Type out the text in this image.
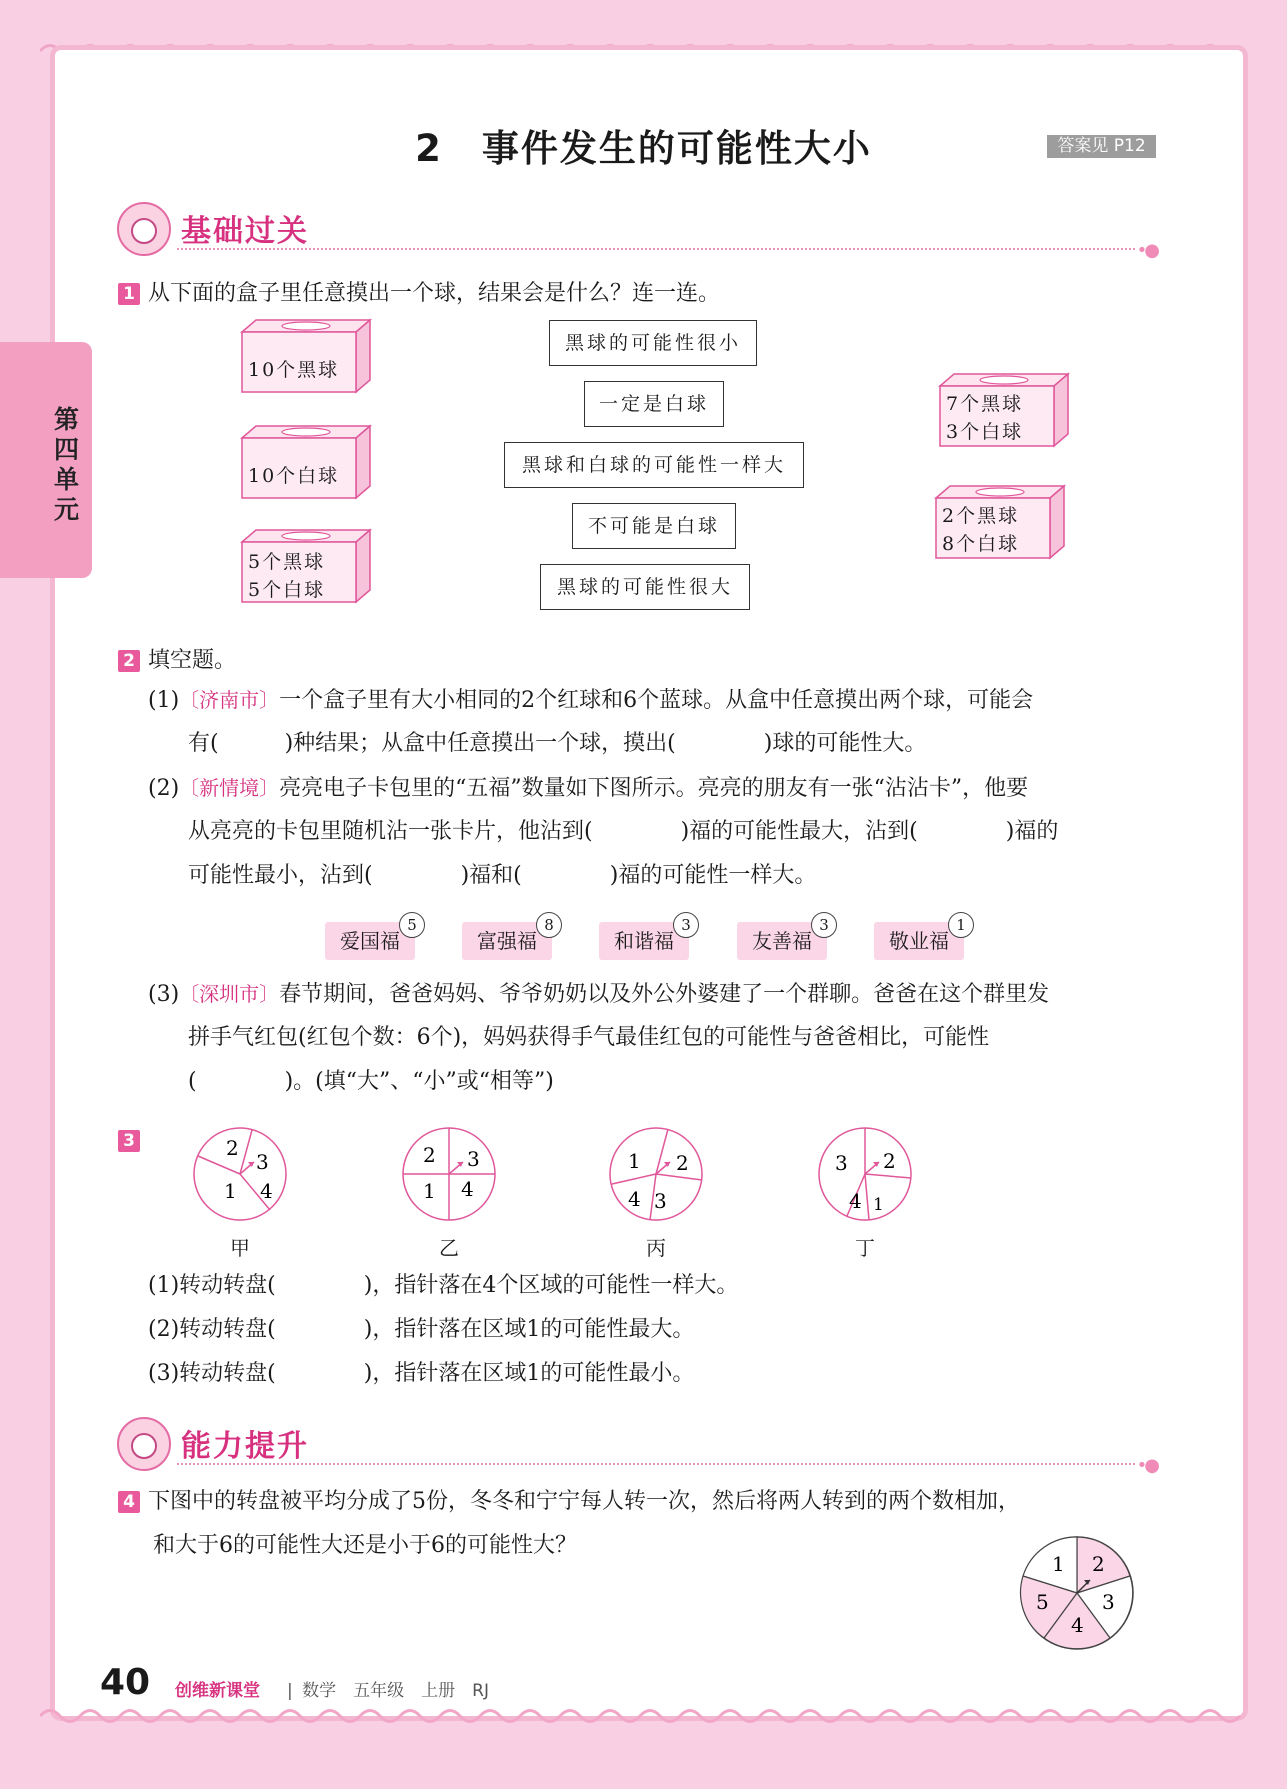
第
四
单
元
2　事件发生的可能性大小	答案见 P12
基础过关
•●
1 从下面的盒子里任意摸出一个球，结果会是什么？连一连。
10个黑球
10个白球
5个黑球
5个白球
黑球的可能性很小
一定是白球
黑球和白球的可能性一样大
不可能是白球
黑球的可能性很大
7个黑球
3个白球
2个黑球
8个白球
2 填空题。
(1)〔济南市〕一个盒子里有大小相同的2个红球和6个蓝球。从盒中任意摸出两个球，可能会
有(　　　)种结果；从盒中任意摸出一个球，摸出(　　　　)球的可能性大。
(2)〔新情境〕亮亮电子卡包里的“五福”数量如下图所示。亮亮的朋友有一张“沾沾卡”，他要
从亮亮的卡包里随机沾一张卡片，他沾到(　　　　)福的可能性最大，沾到(　　　　)福的
可能性最小，沾到(　　　　)福和(　　　　)福的可能性一样大。
爱国福
5
富强福
8
和谐福
3
友善福
3
敬业福
1
(3)〔深圳市〕春节期间，爸爸妈妈、爷爷奶奶以及外公外婆建了一个群聊。爸爸在这个群里发
拼手气红包(红包个数：6个)，妈妈获得手气最佳红包的可能性与爸爸相比，可能性
(　　　　)。(填“大”、“小”或“相等”)
3	2
3
1 4
甲
2 3
1 4
乙
1 2
4 3
丙
3 2
4 1
丁
(1)转动转盘(　　　　)，指针落在4个区域的可能性一样大。
(2)转动转盘(　　　　)，指针落在区域1的可能性最大。
(3)转动转盘(　　　　)，指针落在区域1的可能性最小。
能力提升
•●
4 下图中的转盘被平均分成了5份，冬冬和宁宁每人转一次，然后将两人转到的两个数相加，
和大于6的可能性大还是小于6的可能性大？
1 2
3
4
5
40 创维新课堂 | 数学　五年级　上册　RJ
